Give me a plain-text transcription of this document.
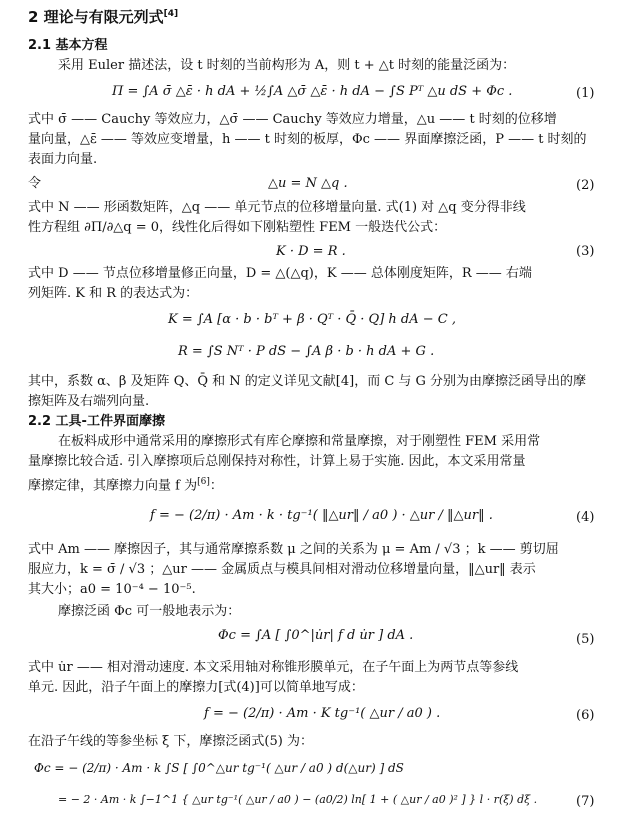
2 理论与有限元列式[4]
2.1 基本方程
采用 Euler 描述法，设 t 时刻的当前构形为 A，则 t + △t 时刻的能量泛函为：
Π = ∫A σ̄ △ε̄ · h dA + ½∫A △σ̄ △ε̄ · h dA − ∫S Pᵀ △u dS + Φc .	(1)
式中 σ̄ —— Cauchy 等效应力，△σ̄ —— Cauchy 等效应力增量，△u —— t 时刻的位移增
量向量，△ε̄ —— 等效应变增量，h —— t 时刻的板厚，Φc —— 界面摩擦泛函，P —— t 时刻的
表面力向量.
令	△u = N △q .	(2)
式中 N —— 形函数矩阵，△q —— 单元节点的位移增量向量. 式(1) 对 △q 变分得非线
性方程组 ∂Π/∂△q = 0，线性化后得如下刚粘塑性 FEM 一般迭代公式：
K · D = R .	(3)
式中 D —— 节点位移增量修正向量，D = △(△q)，K —— 总体刚度矩阵，R —— 右端
列矩阵. K 和 R 的表达式为：
K = ∫A [α · b · bᵀ + β · Qᵀ · Q̄ · Q] h dA − C ,
R = ∫S Nᵀ · P dS − ∫A β · b · h dA + G .
其中，系数 α、β 及矩阵 Q、Q̄ 和 N 的定义详见文献[4]，而 C 与 G 分别为由摩擦泛函导出的摩
擦矩阵及右端列向量.
2.2 工具-工件界面摩擦
在板料成形中通常采用的摩擦形式有库仑摩擦和常量摩擦，对于刚塑性 FEM 采用常
量摩擦比较合适. 引入摩擦项后总刚保持对称性，计算上易于实施. 因此，本文采用常量
摩擦定律，其摩擦力向量 f 为[6]：
f = − (2/π) · Am · k · tg⁻¹( ‖△ur‖ / a0 ) · △ur / ‖△ur‖ .	(4)
式中 Am —— 摩擦因子，其与通常摩擦系数 μ 之间的关系为 μ = Am / √3 ；k —— 剪切屈
服应力，k = σ̄ / √3 ；△ur —— 金属质点与模具间相对滑动位移增量向量，‖△ur‖ 表示
其大小；a0 = 10⁻⁴ − 10⁻⁵.
摩擦泛函 Φc 可一般地表示为：
Φc = ∫A [ ∫0^|u̇r| f d u̇r ] dA .	(5)
式中 u̇r —— 相对滑动速度. 本文采用轴对称锥形膜单元，在子午面上为两节点等参线
单元. 因此，沿子午面上的摩擦力[式(4)]可以简单地写成：
f = − (2/π) · Am · K tg⁻¹( △ur / a0 ) .	(6)
在沿子午线的等参坐标 ξ 下，摩擦泛函式(5) 为：
Φc = − (2/π) · Am · k ∫S [ ∫0^△ur tg⁻¹( △ur / a0 ) d(△ur) ] dS
= − 2 · Am · k ∫−1^1 { △ur tg⁻¹( △ur / a0 ) − (a0/2) ln[ 1 + ( △ur / a0 )² ] } l · r(ξ) dξ .	(7)
